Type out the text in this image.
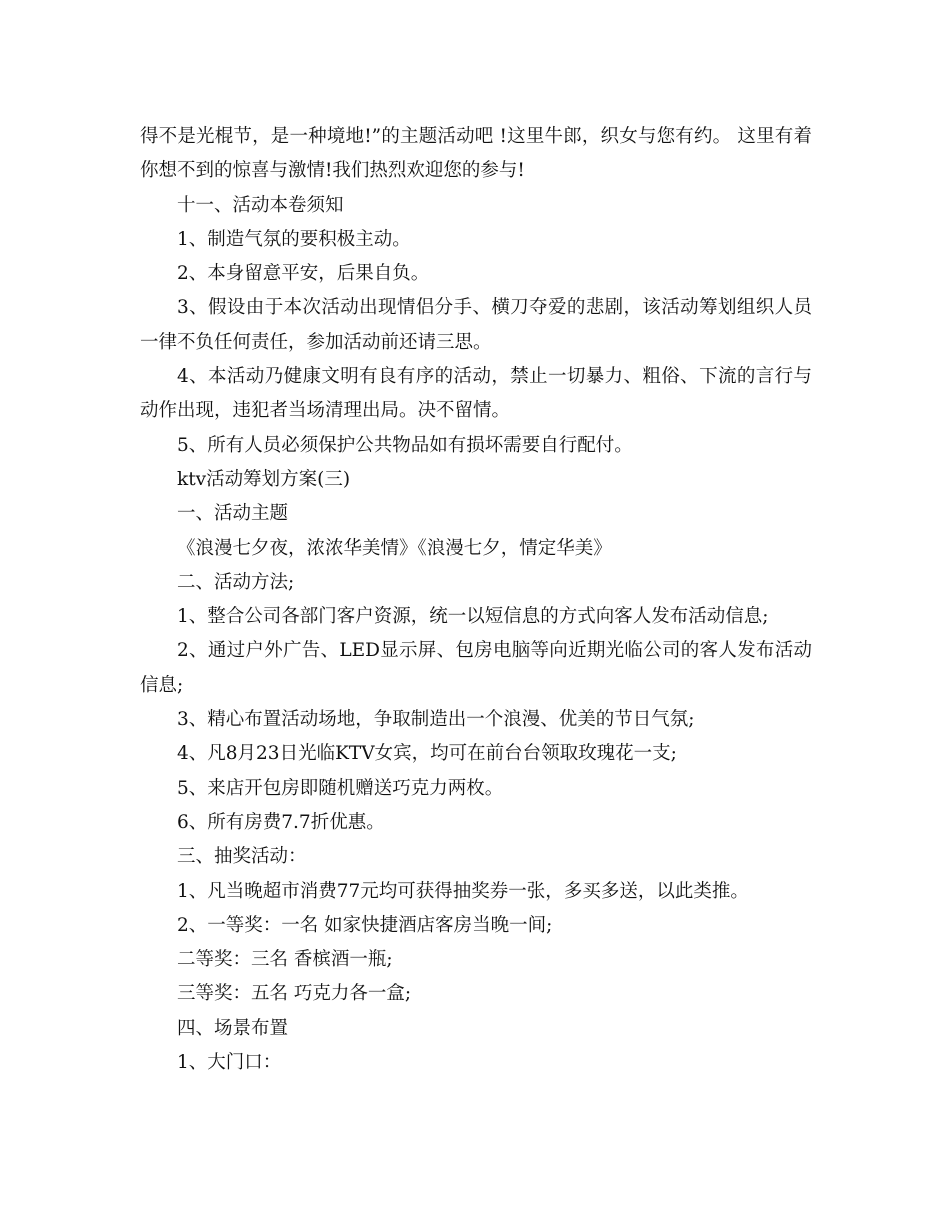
得不是光棍节，是一种境地!”的主题活动吧 !这里牛郎，织女与您有约。 这里有着你想不到的惊喜与激情!我们热烈欢迎您的参与!

十一、活动本卷须知

1、制造气氛的要积极主动。

2、本身留意平安，后果自负。

3、假设由于本次活动出现情侣分手、横刀夺爱的悲剧，该活动筹划组织人员一律不负任何责任，参加活动前还请三思。

4、本活动乃健康文明有良有序的活动，禁止一切暴力、粗俗、下流的言行与动作出现，违犯者当场清理出局。决不留情。

5、所有人员必须保护公共物品如有损坏需要自行配付。

ktv活动筹划方案(三)

一、活动主题

《浪漫七夕夜，浓浓华美情》《浪漫七夕，情定华美》

二、活动方法;

1、整合公司各部门客户资源，统一以短信息的方式向客人发布活动信息;

2、通过户外广告、LED显示屏、包房电脑等向近期光临公司的客人发布活动信息;

3、精心布置活动场地，争取制造出一个浪漫、优美的节日气氛;

4、凡8月23日光临KTV女宾，均可在前台台领取玫瑰花一支;

5、来店开包房即随机赠送巧克力两枚。

6、所有房费7.7折优惠。

三、抽奖活动：

1、凡当晚超市消费77元均可获得抽奖券一张，多买多送，以此类推。

2、一等奖：一名 如家快捷酒店客房当晚一间;

二等奖：三名 香槟酒一瓶;

三等奖：五名 巧克力各一盒;

四、场景布置

1、大门口：
